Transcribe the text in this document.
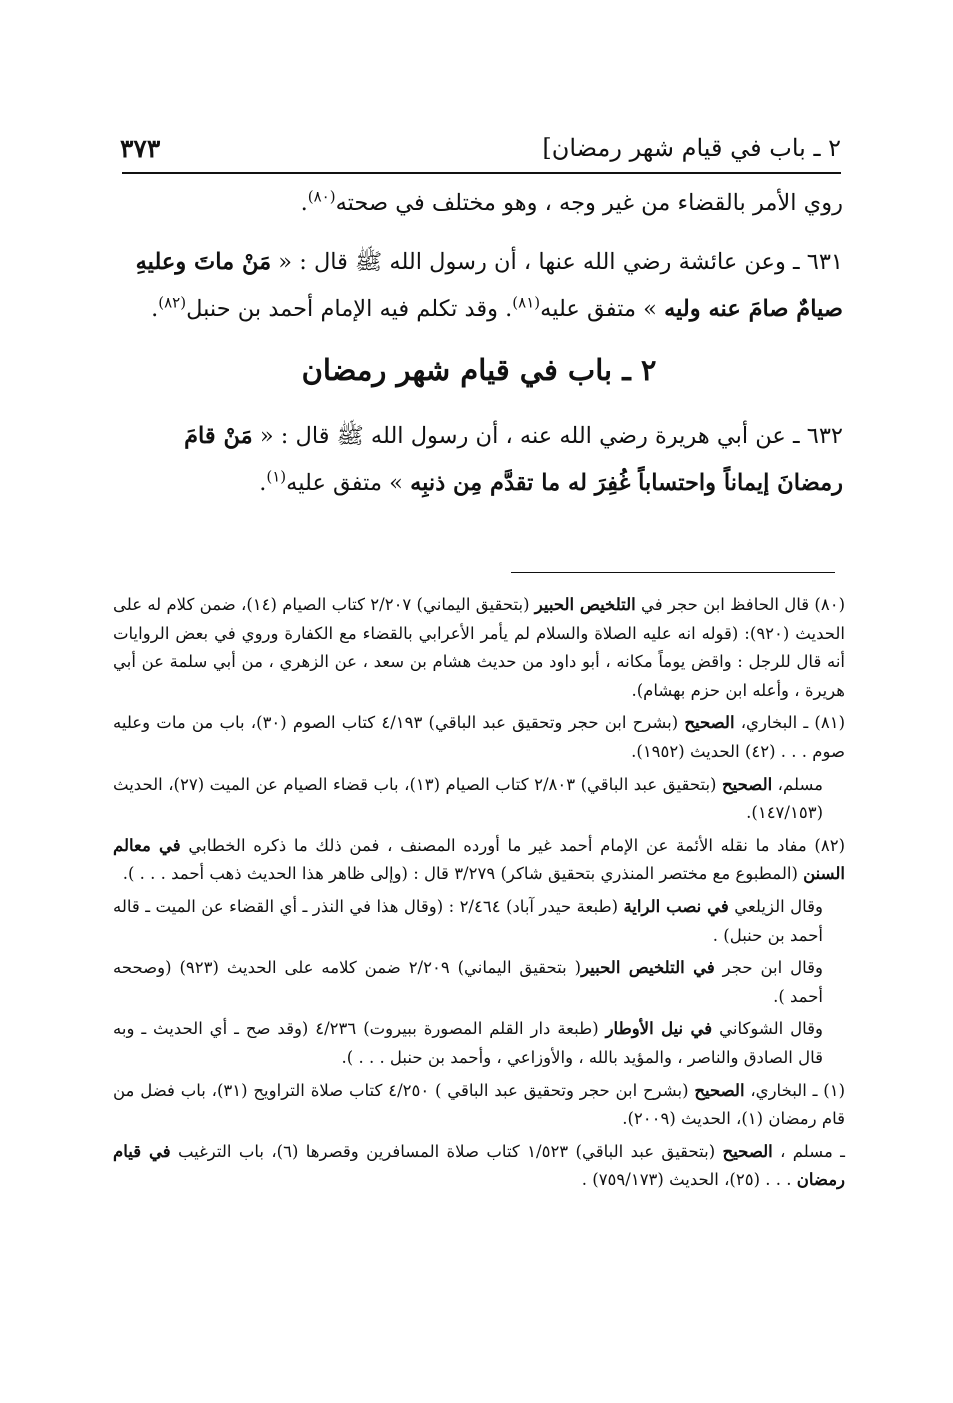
٢ ـ باب في قيام شهر رمضان]
٣٧٣

روي الأمر بالقضاء من غير وجه ، وهو مختلف في صحته$^{(٨٠)}$.

٦٣١ ـ وعن عائشة رضي الله عنها ، أن رسول الله ﷺ قال : « مَنْ ماتَ وعليهِ صيامٌ صامَ عنه وليه » متفق عليه$^{(٨١)}$. وقد تكلم فيه الإمام أحمد بن حنبل$^{(٨٢)}$.

٢ ـ باب في قيام شهر رمضان

٦٣٢ ـ عن أبي هريرة رضي الله عنه ، أن رسول الله ﷺ قال : « مَنْ قامَ رمضانَ إيماناً واحتساباً غُفِرَ له ما تقدَّم مِن ذنبِه » متفق عليه$^{(١)}$.

(٨٠) قال الحافظ ابن حجر في التلخيص الحبير (بتحقيق اليماني) ٢/٢٠٧ كتاب الصيام (١٤)، ضمن كلام له على الحديث (٩٢٠): (قوله انه عليه الصلاة والسلام لم يأمر الأعرابي بالقضاء مع الكفارة وروي في بعض الروايات أنه قال للرجل : واقض يوماً مكانه ، أبو داود من حديث هشام بن سعد ، عن الزهري ، من أبي سلمة عن أبي هريرة ، وأعله ابن حزم بهشام).

(٨١) ـ البخاري، الصحيح (بشرح ابن حجر وتحقيق عبد الباقي) ٤/١٩٣ كتاب الصوم (٣٠)، باب من مات وعليه صوم . . . (٤٢) الحديث (١٩٥٢).

مسلم، الصحيح (بتحقيق عبد الباقي) ٢/٨٠٣ كتاب الصيام (١٣)، باب قضاء الصيام عن الميت (٢٧)، الحديث (١٤٧/١٥٣).

(٨٢) مفاد ما نقله الأئمة عن الإمام أحمد غير ما أورده المصنف ، فمن ذلك ما ذكره الخطابي في معالم السنن (المطبوع مع مختصر المنذري بتحقيق شاكر) ٣/٢٧٩ قال : (وإلى ظاهر هذا الحديث ذهب أحمد . . . ).

وقال الزيلعي في نصب الراية (طبعة حيدر آباد) ٢/٤٦٤ : (وقال هذا في النذر ـ أي القضاء عن الميت ـ قاله أحمد بن حنبل) .

وقال ابن حجر في التلخيص الحبير( بتحقيق اليماني) ٢/٢٠٩ ضمن كلامه على الحديث (٩٢٣) (وصححه أحمد ).

وقال الشوكاني في نيل الأوطار (طبعة دار القلم المصورة ببيروت) ٤/٢٣٦ (وقد صح ـ أي الحديث ـ وبه قال الصادق والناصر ، والمؤيد بالله ، والأوزاعي ، وأحمد بن حنبل . . . ).

(١) ـ البخاري، الصحيح (بشرح ابن حجر وتحقيق عبد الباقي ) ٤/٢٥٠ كتاب صلاة التراويح (٣١)، باب فضل من قام رمضان (١)، الحديث (٢٠٠٩).

ـ مسلم ، الصحيح (بتحقيق عبد الباقي) ١/٥٢٣ كتاب صلاة المسافرين وقصرها (٦)، باب الترغيب في قيام رمضان . . . (٢٥)، الحديث (٧٥٩/١٧٣) .
